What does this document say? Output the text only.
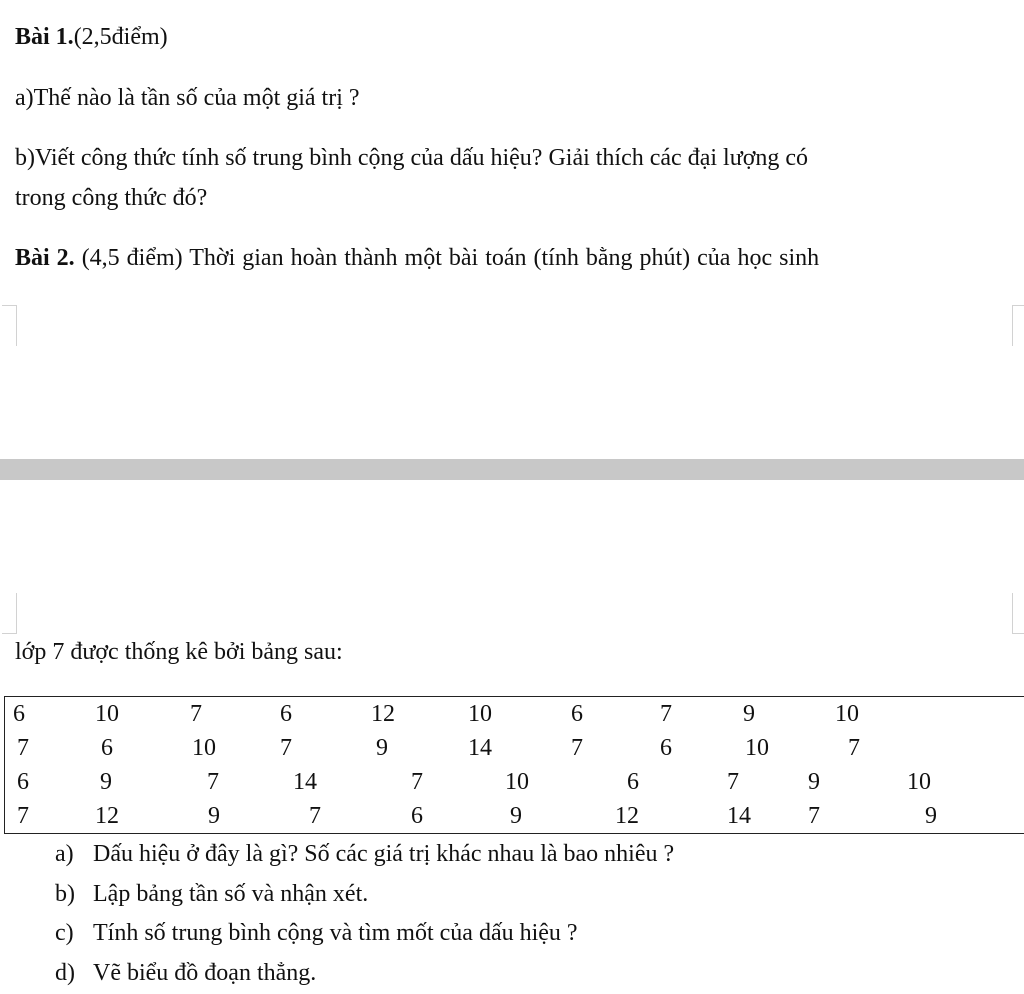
Bài 1.(2,5điểm)
a)Thế nào là tần số của một giá trị ?
b)Viết công thức tính số trung bình cộng của dấu hiệu? Giải thích các đại lượng có
trong công thức đó?
Bài 2. (4,5 điểm) Thời gian hoàn thành một bài toán (tính bằng phút) của học sinh
lớp 7 được thống kê bởi bảng sau:
6	10	7	6	12	10	6	7	9	10
7	6	10	7	9	14	7	6	10	7
6	9	7	14	7	10	6	7	9	10
7	12	9	7	6	9	12	14 7	9
a) Dấu hiệu ở đây là gì? Số các giá trị khác nhau là bao nhiêu ?
b) Lập bảng tần số và nhận xét.
c) Tính số trung bình cộng và tìm mốt của dấu hiệu ?
d) Vẽ biểu đồ đoạn thẳng.
